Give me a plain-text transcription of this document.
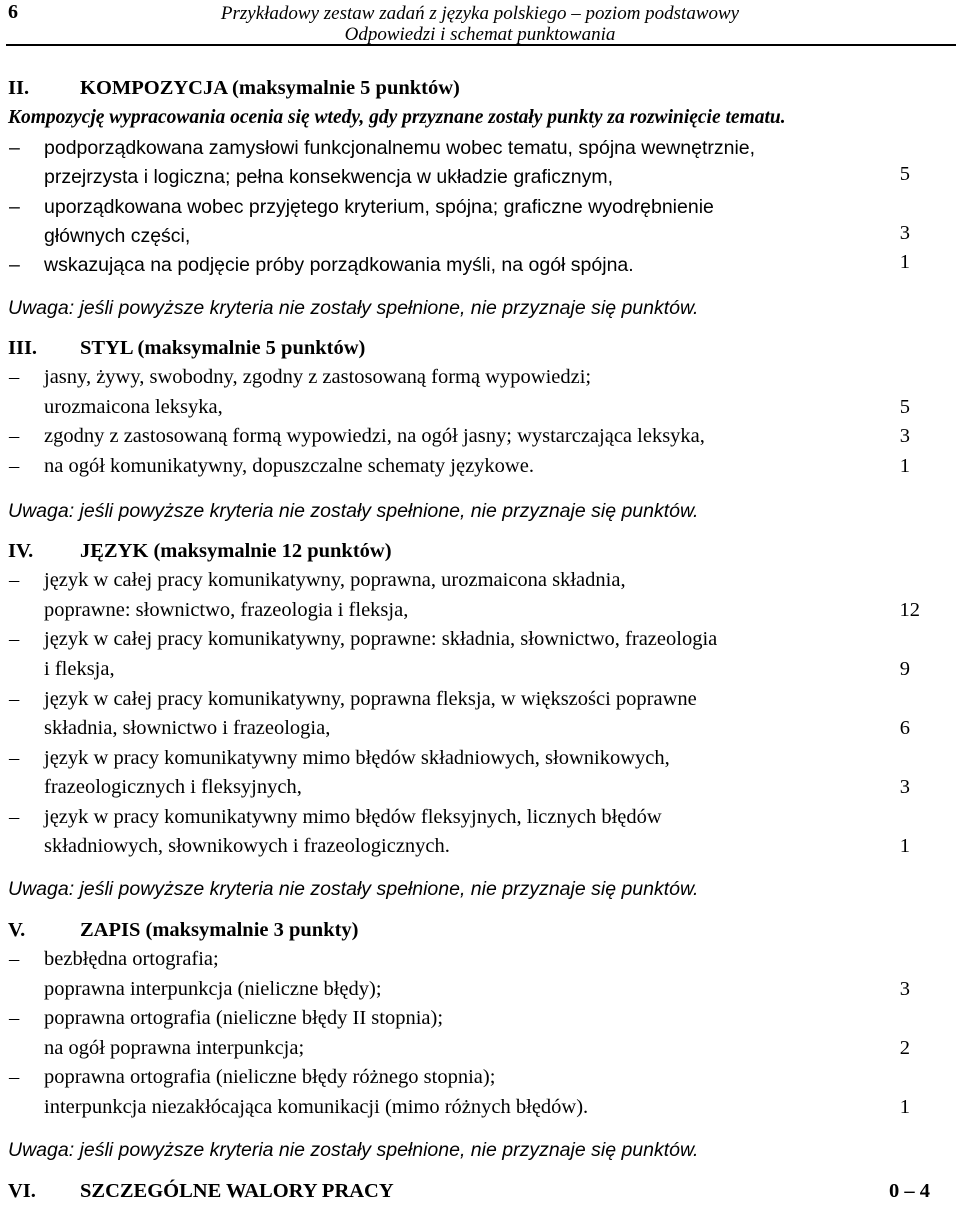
6	Przykładowy zestaw zadań z języka polskiego – poziom podstawowy
Odpowiedzi i schemat punktowania
II. KOMPOZYCJA (maksymalnie 5 punktów)
Kompozycję wypracowania ocenia się wtedy, gdy przyznane zostały punkty za rozwinięcie tematu.
– podporządkowana zamysłowi funkcjonalnemu wobec tematu, spójna wewnętrznie,
przejrzysta i logiczna; pełna konsekwencja w układzie graficznym,	5
– uporządkowana wobec przyjętego kryterium, spójna; graficzne wyodrębnienie
głównych części,	3
– wskazująca na podjęcie próby porządkowania myśli, na ogół spójna.	1
Uwaga: jeśli powyższe kryteria nie zostały spełnione, nie przyznaje się punktów.
III. STYL (maksymalnie 5 punktów)
– jasny, żywy, swobodny, zgodny z zastosowaną formą wypowiedzi;
urozmaicona leksyka,	5
– zgodny z zastosowaną formą wypowiedzi, na ogół jasny; wystarczająca leksyka,	3
– na ogół komunikatywny, dopuszczalne schematy językowe.	1
Uwaga: jeśli powyższe kryteria nie zostały spełnione, nie przyznaje się punktów.
IV. JĘZYK (maksymalnie 12 punktów)
– język w całej pracy komunikatywny, poprawna, urozmaicona składnia,
poprawne: słownictwo, frazeologia i fleksja,	12
– język w całej pracy komunikatywny, poprawne: składnia, słownictwo, frazeologia
i fleksja,	9
– język w całej pracy komunikatywny, poprawna fleksja, w większości poprawne
składnia, słownictwo i frazeologia,	6
– język w pracy komunikatywny mimo błędów składniowych, słownikowych,
frazeologicznych i fleksyjnych,	3
– język w pracy komunikatywny mimo błędów fleksyjnych, licznych błędów
składniowych, słownikowych i frazeologicznych.	1
Uwaga: jeśli powyższe kryteria nie zostały spełnione, nie przyznaje się punktów.
V.	ZAPIS (maksymalnie 3 punkty)
– bezbłędna ortografia;
poprawna interpunkcja (nieliczne błędy);	3
– poprawna ortografia (nieliczne błędy II stopnia);
na ogół poprawna interpunkcja;	2
– poprawna ortografia (nieliczne błędy różnego stopnia);
interpunkcja niezakłócająca komunikacji (mimo różnych błędów).	1
Uwaga: jeśli powyższe kryteria nie zostały spełnione, nie przyznaje się punktów.
VI. SZCZEGÓLNE WALORY PRACY	0 – 4
